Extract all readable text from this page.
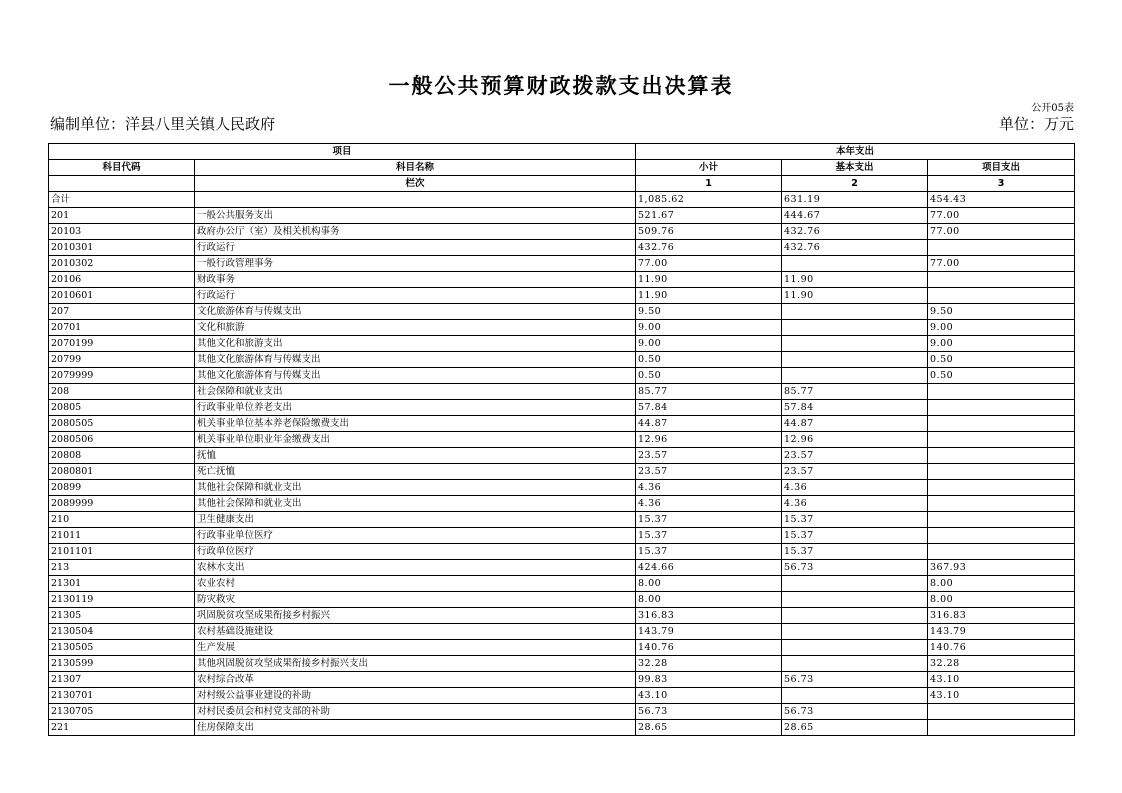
一般公共预算财政拨款支出决算表
公开05表
编制单位：洋县八里关镇人民政府	单位：万元
项目		本年支出		
科目代码	科目名称	小计	基本支出	项目支出
	栏次	1	2	3
合计		1,085.62	631.19	454.43
201	一般公共服务支出	521.67	444.67	77.00
20103	政府办公厅（室）及相关机构事务	509.76	432.76	77.00
2010301	行政运行	432.76	432.76	
2010302	一般行政管理事务	77.00		77.00
20106	财政事务	11.90	11.90	
2010601	行政运行	11.90	11.90	
207	文化旅游体育与传媒支出	9.50		9.50
20701	文化和旅游	9.00		9.00
2070199	其他文化和旅游支出	9.00		9.00
20799	其他文化旅游体育与传媒支出	0.50		0.50
2079999	其他文化旅游体育与传媒支出	0.50		0.50
208	社会保障和就业支出	85.77	85.77	
20805	行政事业单位养老支出	57.84	57.84	
2080505	机关事业单位基本养老保险缴费支出	44.87	44.87	
2080506	机关事业单位职业年金缴费支出	12.96	12.96	
20808	抚恤	23.57	23.57	
2080801	死亡抚恤	23.57	23.57	
20899	其他社会保障和就业支出	4.36	4.36	
2089999	其他社会保障和就业支出	4.36	4.36	
210	卫生健康支出	15.37	15.37	
21011	行政事业单位医疗	15.37	15.37	
2101101	行政单位医疗	15.37	15.37	
213	农林水支出	424.66	56.73	367.93
21301	农业农村	8.00		8.00
2130119	防灾救灾	8.00		8.00
21305	巩固脱贫攻坚成果衔接乡村振兴	316.83		316.83
2130504	农村基础设施建设	143.79		143.79
2130505	生产发展	140.76		140.76
2130599	其他巩固脱贫攻坚成果衔接乡村振兴支出	32.28		32.28
21307	农村综合改革	99.83	56.73	43.10
2130701	对村级公益事业建设的补助	43.10		43.10
2130705	对村民委员会和村党支部的补助	56.73	56.73	
221	住房保障支出	28.65	28.65	
